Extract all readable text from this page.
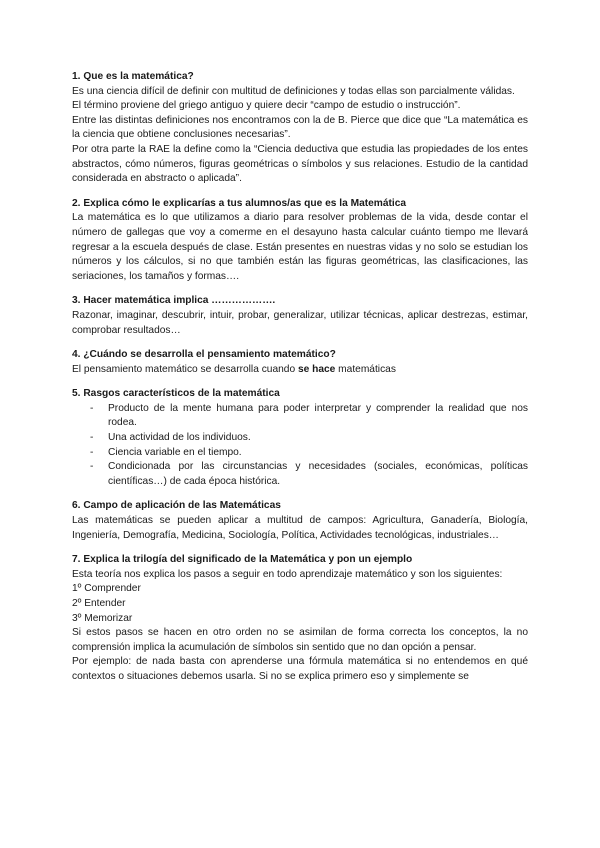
1. Que es la matemática?

Es una ciencia difícil de definir con multitud de definiciones y todas ellas son parcialmente válidas.

El término proviene del griego antiguo y quiere decir “campo de estudio o instrucción”.

Entre las distintas definiciones nos encontramos con la de B. Pierce que dice que “La matemática es la ciencia que obtiene conclusiones necesarias”.

Por otra parte la RAE la define como la “Ciencia deductiva que estudia las propiedades de los entes abstractos, cómo números, figuras geométricas o símbolos y sus relaciones. Estudio de la cantidad considerada en abstracto o aplicada”.

2. Explica cómo le explicarías a tus alumnos/as que es la Matemática

La matemática es lo que utilizamos a diario para resolver problemas de la vida, desde contar el número de gallegas que voy a comerme en el desayuno hasta calcular cuánto tiempo me llevará regresar a la escuela después de clase. Están presentes en nuestras vidas y no solo se estudian los números y los cálculos, si no que también están las figuras geométricas, las clasificaciones, las seriaciones, los tamaños y formas….

3. Hacer matemática implica ……………….

Razonar, imaginar, descubrir, intuir, probar, generalizar, utilizar técnicas, aplicar destrezas, estimar, comprobar resultados…

4. ¿Cuándo se desarrolla el pensamiento matemático?

El pensamiento matemático se desarrolla cuando se hace matemáticas

5. Rasgos característicos de la matemática

- Producto de la mente humana para poder interpretar y comprender la realidad que nos rodea.
- Una actividad de los individuos.
- Ciencia variable en el tiempo.
- Condicionada por las circunstancias y necesidades (sociales, económicas, políticas científicas…) de cada época histórica.

6. Campo de aplicación de las Matemáticas

Las matemáticas se pueden aplicar a multitud de campos: Agricultura, Ganadería, Biología, Ingeniería, Demografía, Medicina, Sociología, Política, Actividades tecnológicas, industriales…

7. Explica la trilogía del significado de la Matemática y pon un ejemplo

Esta teoría nos explica los pasos a seguir en todo aprendizaje matemático y son los siguientes:

1º Comprender

2º Entender

3º Memorizar

Si estos pasos se hacen en otro orden no se asimilan de forma correcta los conceptos, la no comprensión implica la acumulación de símbolos sin sentido que no dan opción a pensar.

Por ejemplo: de nada basta con aprenderse una fórmula matemática si no entendemos en qué contextos o situaciones debemos usarla. Si no se explica primero eso y simplemente se
